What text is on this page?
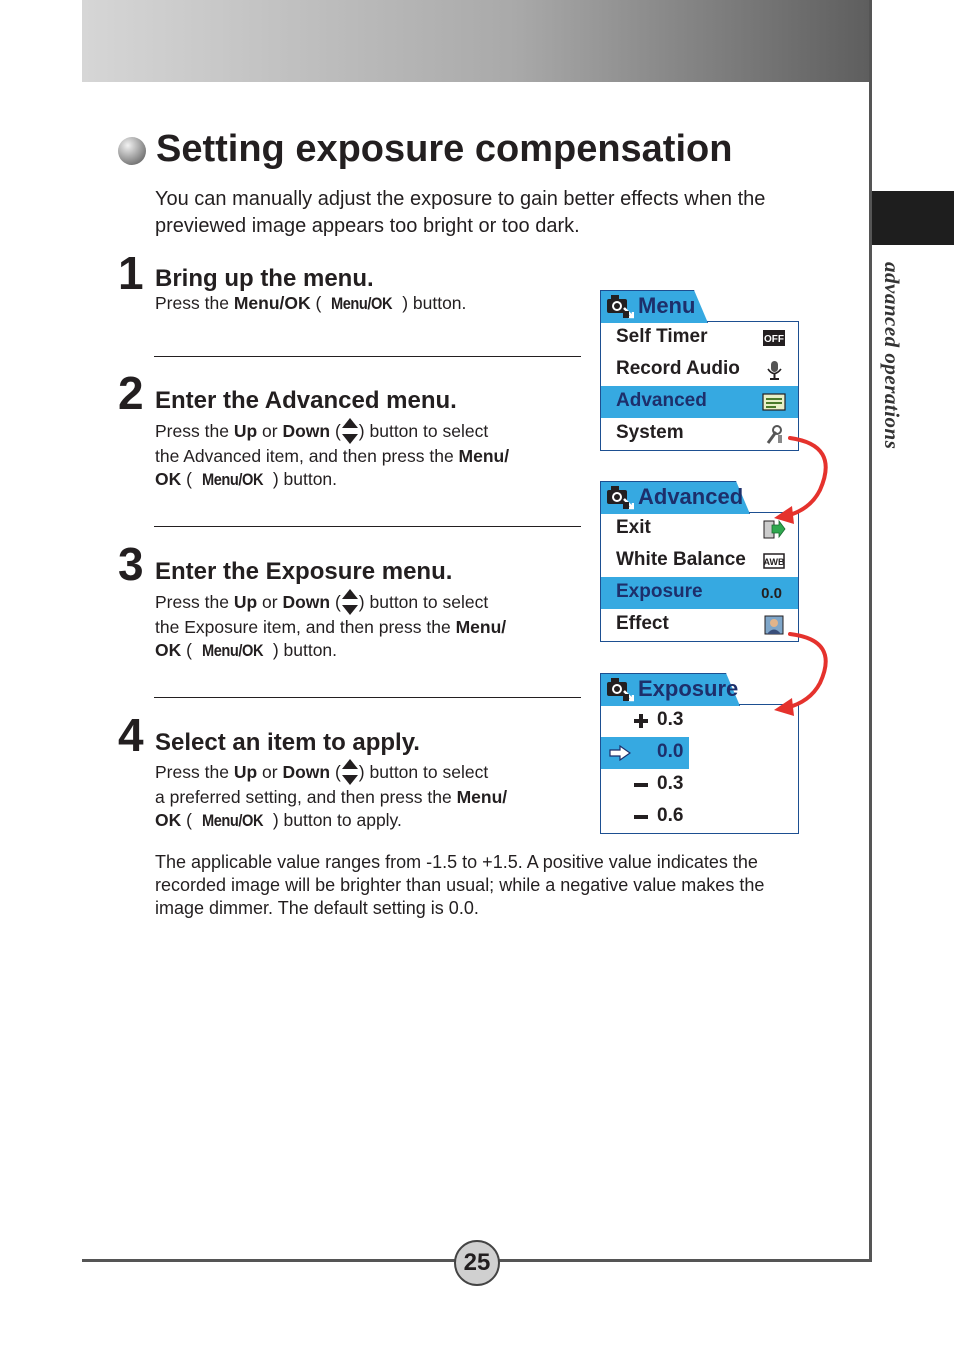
advanced operations
Setting exposure compensation

You can manually adjust the exposure to gain better effects when the previewed image appears too bright or too dark.

1 Bring up the menu.

Press the Menu/OK ( Menu/OK ) button.

2 Enter the Advanced menu.

Press the Up or Down ( ) button to select
the Advanced item, and then press the Menu/
OK ( Menu/OK ) button.

3 Enter the Exposure menu.

Press the Up or Down ( ) button to select
the Exposure item, and then press the Menu/
OK ( Menu/OK ) button.

4 Select an item to apply.

Press the Up or Down ( ) button to select
a preferred setting, and then press the Menu/
OK ( Menu/OK ) button to apply.

The applicable value ranges from -1.5 to +1.5. A positive value indicates the recorded image will be brighter than usual; while a negative value makes the image dimmer. The default setting is 0.0.

Menu
Self Timer	OFF
Record Audio
Advanced
System
Advanced
Exit
White Balance AWB
Exposure	0.0
Effect
Exposure
0.3
0.0
0.3
0.6
25
